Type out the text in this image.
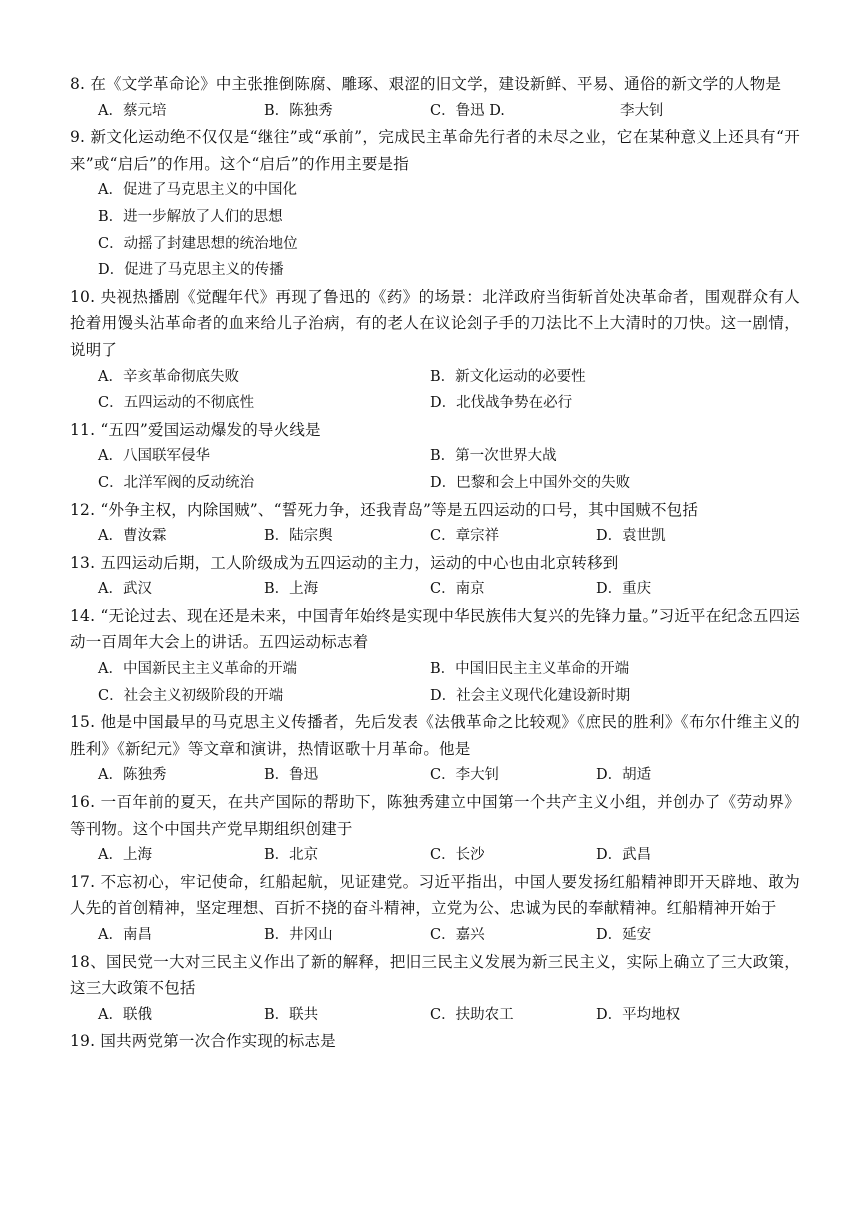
8. 在《文学革命论》中主张推倒陈腐、雕琢、艰涩的旧文学，建设新鲜、平易、通俗的新文学的人物是
A．蔡元培	B．陈独秀	C．鲁迅 D.	李大钊
9. 新文化运动绝不仅仅是“继往”或“承前”，完成民主革命先行者的未尽之业，它在某种意义上还具有“开来”或“启后”的作用。这个“启后”的作用主要是指
A．促进了马克思主义的中国化
B．进一步解放了人们的思想
C．动摇了封建思想的统治地位
D．促进了马克思主义的传播
10. 央视热播剧《觉醒年代》再现了鲁迅的《药》的场景：北洋政府当街斩首处决革命者，围观群众有人抢着用馒头沾革命者的血来给儿子治病，有的老人在议论刽子手的刀法比不上大清时的刀快。这一剧情，说明了
A．辛亥革命彻底失败	B．新文化运动的必要性
C．五四运动的不彻底性	D．北伐战争势在必行
11. “五四”爱国运动爆发的导火线是
A．八国联军侵华	B．第一次世界大战
C．北洋军阀的反动统治	D．巴黎和会上中国外交的失败
12. “外争主权，内除国贼”、“誓死力争，还我青岛”等是五四运动的口号，其中国贼不包括
A．曹汝霖	B．陆宗舆	C．章宗祥	D．袁世凯
13. 五四运动后期，工人阶级成为五四运动的主力，运动的中心也由北京转移到
A．武汉	B．上海	C．南京	D．重庆
14. “无论过去、现在还是未来，中国青年始终是实现中华民族伟大复兴的先锋力量。”习近平在纪念五四运动一百周年大会上的讲话。五四运动标志着
A．中国新民主主义革命的开端	B．中国旧民主主义革命的开端
C．社会主义初级阶段的开端	D．社会主义现代化建设新时期
15. 他是中国最早的马克思主义传播者，先后发表《法俄革命之比较观》《庶民的胜利》《布尔什维主义的胜利》《新纪元》等文章和演讲，热情讴歌十月革命。他是
A．陈独秀	B．鲁迅	C．李大钊	D．胡适
16. 一百年前的夏天，在共产国际的帮助下，陈独秀建立中国第一个共产主义小组，并创办了《劳动界》等刊物。这个中国共产党早期组织创建于
A．上海	B．北京	C．长沙	D．武昌
17. 不忘初心，牢记使命，红船起航，见证建党。习近平指出，中国人要发扬红船精神即开天辟地、敢为人先的首创精神，坚定理想、百折不挠的奋斗精神，立党为公、忠诚为民的奉献精神。红船精神开始于
A．南昌	B．井冈山	C．嘉兴	D．延安
18、国民党一大对三民主义作出了新的解释，把旧三民主义发展为新三民主义，实际上确立了三大政策，这三大政策不包括
A．联俄	B．联共	C．扶助农工	D．平均地权
19. 国共两党第一次合作实现的标志是
